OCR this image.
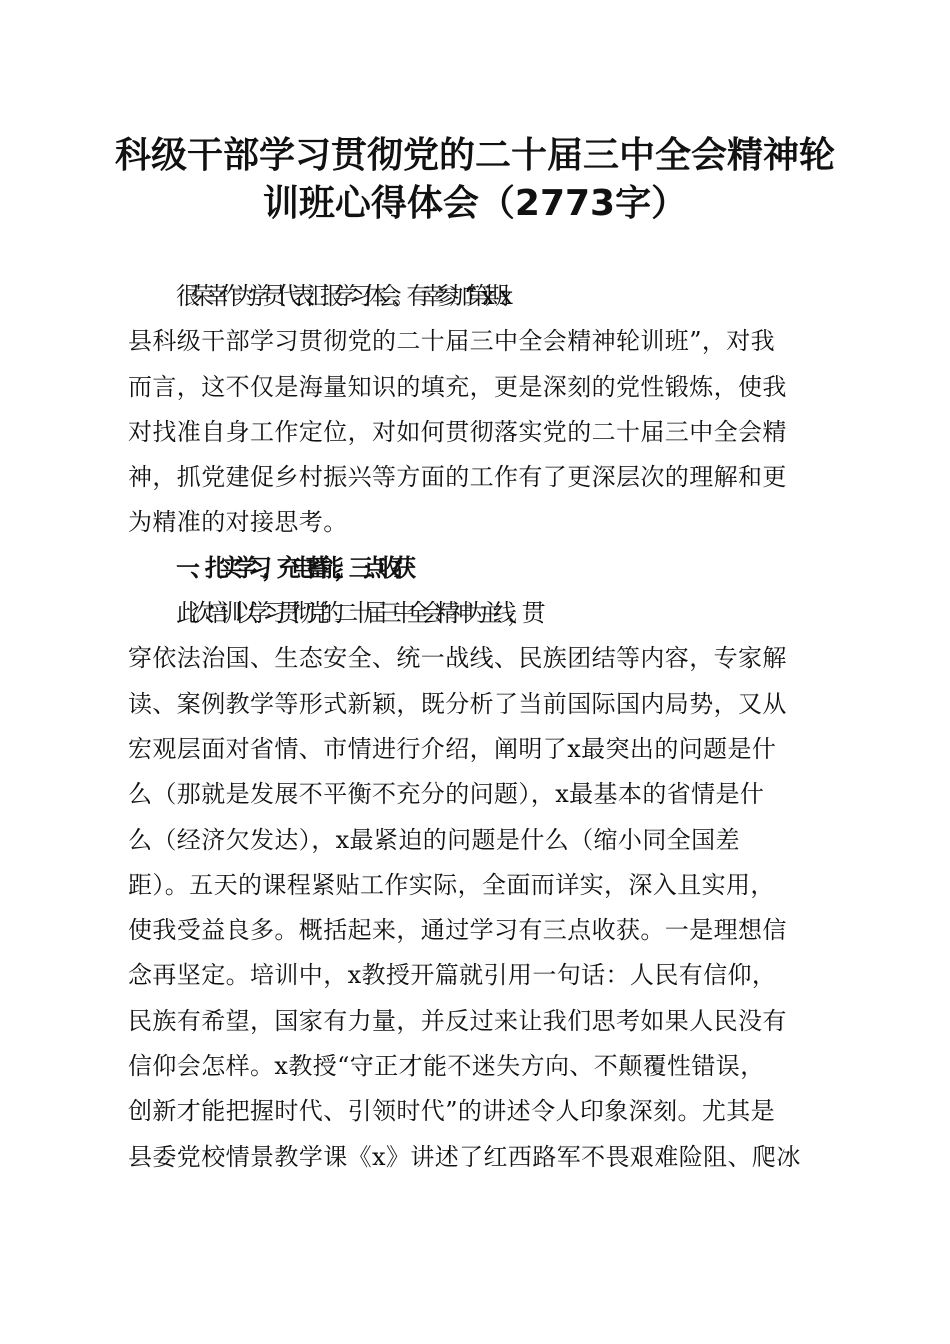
科级干部学习贯彻党的二十届三中全会精神轮
训班心得体会（2773字）
很荣幸作为学员代表汇报学习体会。有幸参加“第x期x
县科级干部学习贯彻党的二十届三中全会精神轮训班”，对我
而言，这不仅是海量知识的填充，更是深刻的党性锻炼，使我
对找准自身工作定位，对如何贯彻落实党的二十届三中全会精
神，抓党建促乡村振兴等方面的工作有了更深层次的理解和更
为精准的对接思考。
一、扎实学习，充电蓄能，三点收获
此次培训以学习贯彻党的二十届三中全会精神为主线，贯
穿依法治国、生态安全、统一战线、民族团结等内容，专家解
读、案例教学等形式新颖，既分析了当前国际国内局势，又从
宏观层面对省情、市情进行介绍，阐明了x最突出的问题是什
么（那就是发展不平衡不充分的问题），x最基本的省情是什
么（经济欠发达），x最紧迫的问题是什么（缩小同全国差
距）。五天的课程紧贴工作实际，全面而详实，深入且实用，
使我受益良多。概括起来，通过学习有三点收获。一是理想信
念再坚定。培训中，x教授开篇就引用一句话：人民有信仰，
民族有希望，国家有力量，并反过来让我们思考如果人民没有
信仰会怎样。x教授“守正才能不迷失方向、不颠覆性错误，
创新才能把握时代、引领时代”的讲述令人印象深刻。尤其是
县委党校情景教学课《x》讲述了红西路军不畏艰难险阻、爬冰
